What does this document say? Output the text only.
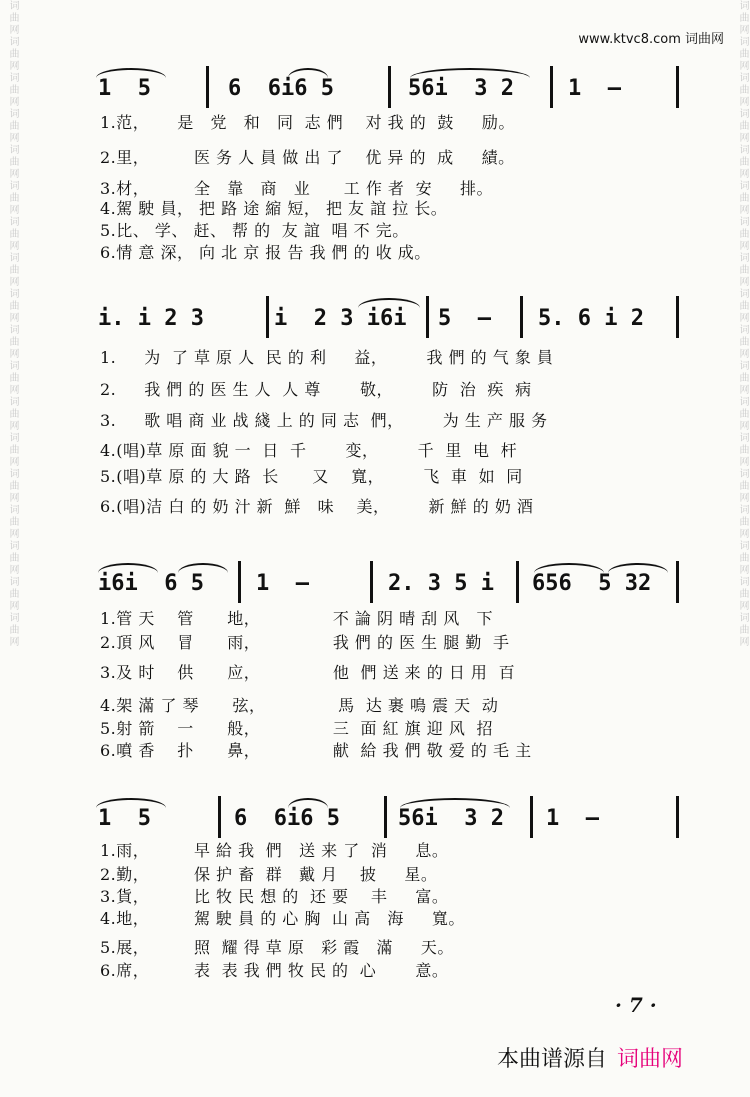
词曲网词曲网词曲网词曲网词曲网词曲网词曲网词曲网词曲网词曲网词曲网词曲网词曲网词曲网词曲网词曲网词曲网词曲网	词曲网词曲网词曲网词曲网词曲网词曲网词曲网词曲网词曲网词曲网词曲网词曲网词曲网词曲网词曲网词曲网词曲网词曲网
www.ktvc8.com 词曲网
1  5	6  6i6 5	56i  3 2 1  –
1.范，     是   党   和   同  志 們    对 我 的  鼓     励。
2.里，        医 务 人 員 做 出 了    优 异 的  成     績。
3.材，        全   靠   商   业      工 作 者  安     排。
4.駕 駛 員， 把 路 途 縮 短， 把 友 誼 拉 长。
5.比、 学、 赶、 帮 的  友 誼  唱 不 完。
6.情 意 深， 向 北 京 报 告 我 們 的 收 成。
i. i 2 3	i  2 3 i6i 5  – 5. 6 i 2
1.     为  了 草 原 人  民 的 利     益，       我 們 的 气 象 員
2.     我 們 的 医 生 人  人 尊       敬，       防  治  疾  病
3.     歌 唱 商 业 战 綫 上 的 同 志  們，       为 生 产 服 务
4.(唱)草 原 面 貌 一  日  千       变，       千  里  电  杆
5.(唱)草 原 的 大 路  长      又    寬，       飞  車  如  同
6.(唱)洁 白 的 奶 汁 新  鮮   味    美，       新 鮮 的 奶 酒
i6i  6 5 1  –	2. 3 5 i 656  5 32
1.管 天    管      地，             不 論 阴 晴 刮 风   下
2.頂 风    冒      雨，             我 們 的 医 生 腿 勤  手
3.及 时    供      应，             他  們 送 来 的 日 用  百
4.架 滿 了 琴      弦，             馬  达 裹 鳴 震 天  动
5.射 箭    一      般，             三  面 紅 旗 迎 风  招
6.噴 香    扑      鼻，             献  給 我 們 敬 爱 的 毛 主
1  5	6  6i6 5	56i  3 2 1  –
1.雨，        早 給 我  們   送 来 了  消     息。
2.勤，        保 护 畜  群   戴 月    披     星。
3.貨，        比 牧 民 想 的  还 要    丰     富。
4.地，        駕 駛 員 的 心 胸  山 高   海     寬。
5.展，        照  耀 得 草 原   彩 霞   滿     天。
6.席，        表  表 我 們 牧 民 的  心       意。
· 7 ·
本曲谱源自 词曲网
